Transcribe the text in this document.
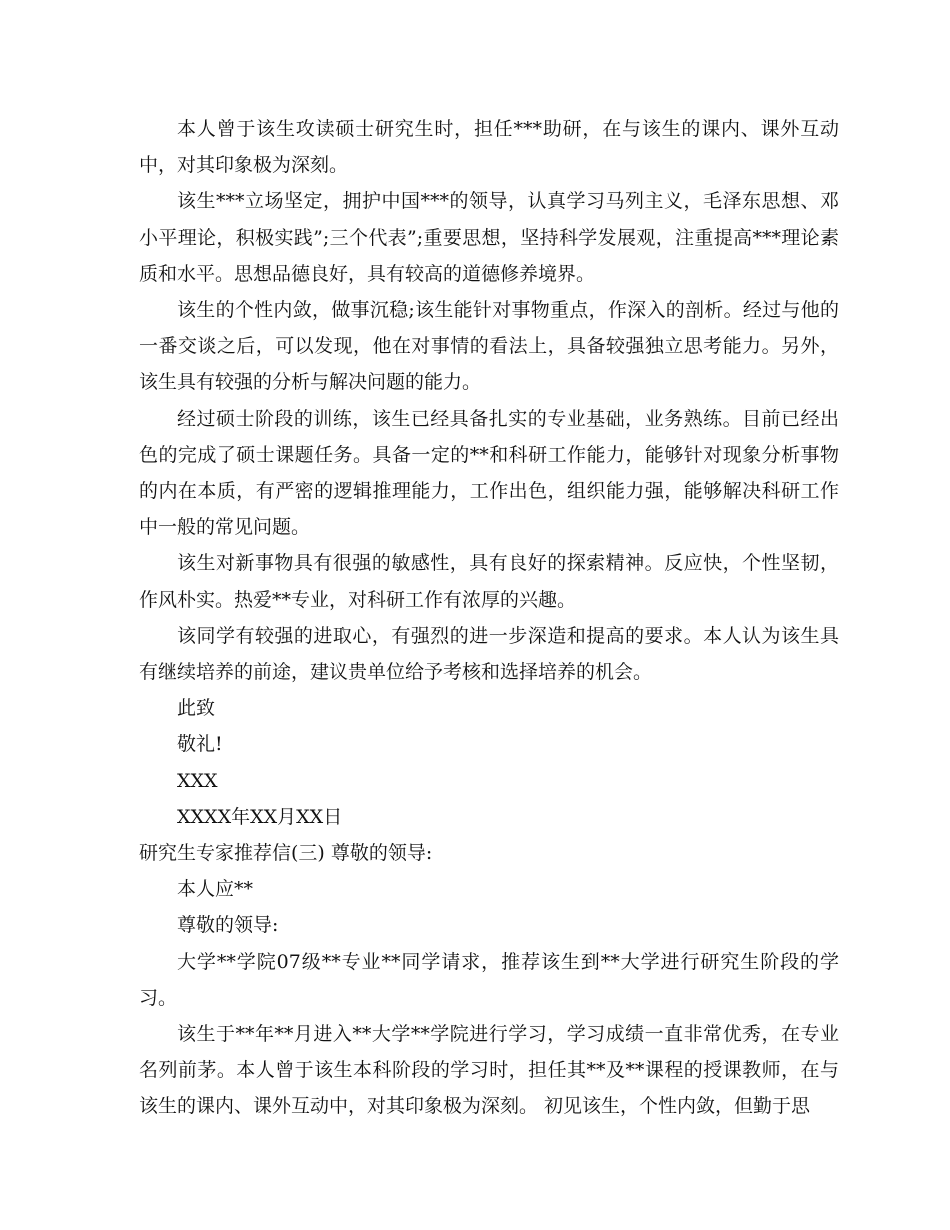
本人曾于该生攻读硕士研究生时，担任***助研，在与该生的课内、课外互动中，对其印象极为深刻。

该生***立场坚定，拥护中国***的领导，认真学习马列主义，毛泽东思想、邓小平理论，积极实践”;三个代表”;重要思想，坚持科学发展观，注重提高***理论素质和水平。思想品德良好，具有较高的道德修养境界。

该生的个性内敛，做事沉稳;该生能针对事物重点，作深入的剖析。经过与他的一番交谈之后，可以发现，他在对事情的看法上，具备较强独立思考能力。另外，该生具有较强的分析与解决问题的能力。

经过硕士阶段的训练，该生已经具备扎实的专业基础，业务熟练。目前已经出色的完成了硕士课题任务。具备一定的**和科研工作能力，能够针对现象分析事物的内在本质，有严密的逻辑推理能力，工作出色，组织能力强，能够解决科研工作中一般的常见问题。

该生对新事物具有很强的敏感性，具有良好的探索精神。反应快，个性坚韧，作风朴实。热爱**专业，对科研工作有浓厚的兴趣。

该同学有较强的进取心，有强烈的进一步深造和提高的要求。本人认为该生具有继续培养的前途，建议贵单位给予考核和选择培养的机会。

此致

敬礼!

XXX

XXXX年XX月XX日

研究生专家推荐信(三) 尊敬的领导:

本人应**

尊敬的领导:

大学**学院07级**专业**同学请求，推荐该生到**大学进行研究生阶段的学习。

该生于**年**月进入**大学**学院进行学习，学习成绩一直非常优秀，在专业名列前茅。本人曾于该生本科阶段的学习时，担任其**及**课程的授课教师，在与该生的课内、课外互动中，对其印象极为深刻。 初见该生，个性内敛，但勤于思
